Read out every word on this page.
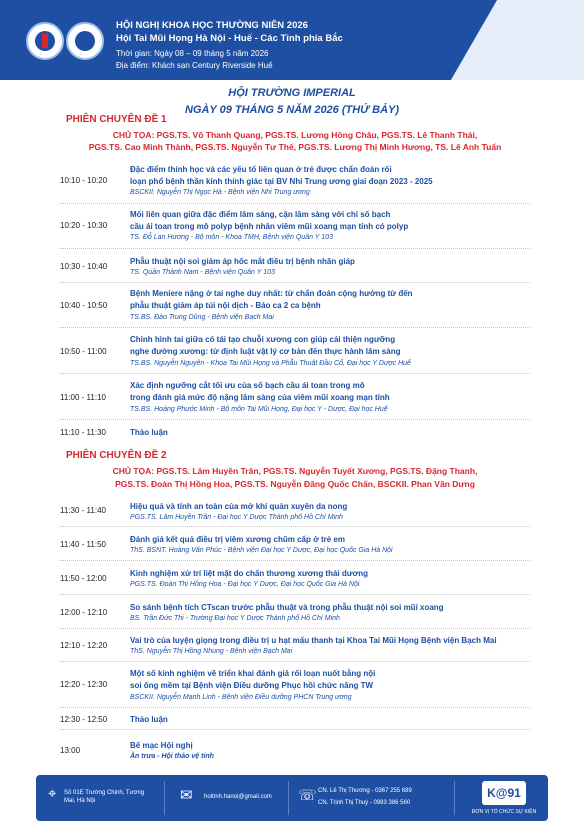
HỘI NGHỊ KHOA HỌC THƯỜNG NIÊN 2026
Hội Tai Mũi Họng Hà Nội - Huế - Các Tỉnh phía Bắc
Thời gian: Ngày 08 – 09 tháng 5 năm 2026
Địa điểm: Khách sạn Century Riverside Huế
HỘI TRƯỜNG IMPERIAL
NGÀY 09 THÁNG 5 NĂM 2026 (THỨ BẢY)
PHIÊN CHUYÊN ĐỀ 1
CHỦ TỌA: PGS.TS. Võ Thanh Quang, PGS.TS. Lương Hồng Châu, PGS.TS. Lê Thanh Thái,
PGS.TS. Cao Minh Thành, PGS.TS. Nguyễn Tư Thế, PGS.TS. Lương Thị Minh Hương, TS. Lê Anh Tuấn
10:10 - 10:20
Đặc điểm thính học và các yếu tố liên quan ở trẻ được chẩn đoán rối
loạn phổ bệnh thần kinh thính giác tại BV Nhi Trung ương giai đoạn 2023 - 2025
BSCKII. Nguyễn Thị Ngọc Hà - Bệnh viện Nhi Trung ương
10:20 - 10:30
Mối liên quan giữa đặc điểm lâm sàng, cận lâm sàng với chỉ số bạch
cầu ái toan trong mô polyp bệnh nhân viêm mũi xoang mạn tính có polyp
TS. Đỗ Lan Hương - Bộ môn - Khoa TMH, Bệnh viện Quân Y 103
10:30 - 10:40
Phẫu thuật nội soi giảm áp hốc mắt điều trị bệnh nhãn giáp
TS. Quản Thành Nam - Bệnh viện Quân Y 103
10:40 - 10:50
Bệnh Meniere nặng ở tai nghe duy nhất: từ chẩn đoán cộng hưởng từ đến
phẫu thuật giảm áp túi nội dịch - Báo ca 2 ca bệnh
TS.BS. Đào Trung Dũng - Bệnh viện Bạch Mai
10:50 - 11:00
Chỉnh hình tai giữa có tái tạo chuỗi xương con giúp cải thiện ngưỡng
nghe đường xương: từ định luật vật lý cơ bản đến thực hành lâm sàng
TS.BS. Nguyễn Nguyên - Khoa Tai Mũi Họng và Phẫu Thuật Đầu Cổ, Đại học Y Dược Huế
11:00 - 11:10
Xác định ngưỡng cắt tối ưu của số bạch cầu ái toan trong mô
trong đánh giá mức độ nặng lâm sàng của viêm mũi xoang mạn tính
TS.BS. Hoàng Phước Minh - Bộ môn Tai Mũi Họng, Đại học Y - Dược, Đại học Huế
11:10 - 11:30	Thảo luận
PHIÊN CHUYÊN ĐỀ 2
CHỦ TỌA: PGS.TS. Lâm Huyền Trân, PGS.TS. Nguyễn Tuyết Xương, PGS.TS. Đặng Thanh,
PGS.TS. Đoàn Thị Hồng Hoa, PGS.TS. Nguyễn Đăng Quốc Chấn, BSCKII. Phan Văn Dưng
11:30 - 11:40	Hiệu quả và tính an toàn của mở khí quản xuyên da nong
PGS.TS. Lâm Huyền Trân - Đại học Y Dược Thành phố Hồ Chí Minh
11:40 - 11:50
Đánh giá kết quả điều trị viêm xương chũm cấp ở trẻ em
ThS. BSNT. Hoàng Văn Phúc - Bệnh viện Đại học Y Dược, Đại học Quốc Gia Hà Nội
11:50 - 12:00
Kinh nghiệm xử trí liệt mặt do chấn thương xương thái dương
PGS.TS. Đoàn Thị Hồng Hoa - Đại học Y Dược, Đại học Quốc Gia Hà Nội
12:00 - 12:10
So sánh bệnh tích CTscan trước phẫu thuật và trong phẫu thuật nội soi mũi xoang
BS. Trần Đức Thi - Trường Đại học Y Dược Thành phố Hồ Chí Minh
12:10 - 12:20
Vai trò của luyện giọng trong điều trị u hạt mấu thanh tại Khoa Tai Mũi Họng Bệnh viện Bạch Mai
ThS. Nguyễn Thị Hồng Nhung - Bệnh viện Bạch Mai
12:20 - 12:30
Một số kinh nghiệm về triển khai đánh giá rối loạn nuốt bằng nội
soi ống mềm tại Bệnh viện Điều dưỡng Phục hồi chức năng TW
BSCKII. Nguyễn Mạnh Linh - Bệnh viện Điều dưỡng PHCN Trung ương
12:30 - 12:50	Thảo luận
13:00
Bế mạc Hội nghị
Ăn trưa - Hội thảo vệ tinh
⌖ Số 01E Trường Chinh, Tương Mai, Hà Nội	✉ hoitmh.hanoi@gmail.com	☏ CN. Lê Thị Thương - 0367 255 689
CN. Trịnh Thị Thuý - 0983 386 560
K@91
ĐƠN VỊ TỔ CHỨC SỰ KIỆN
